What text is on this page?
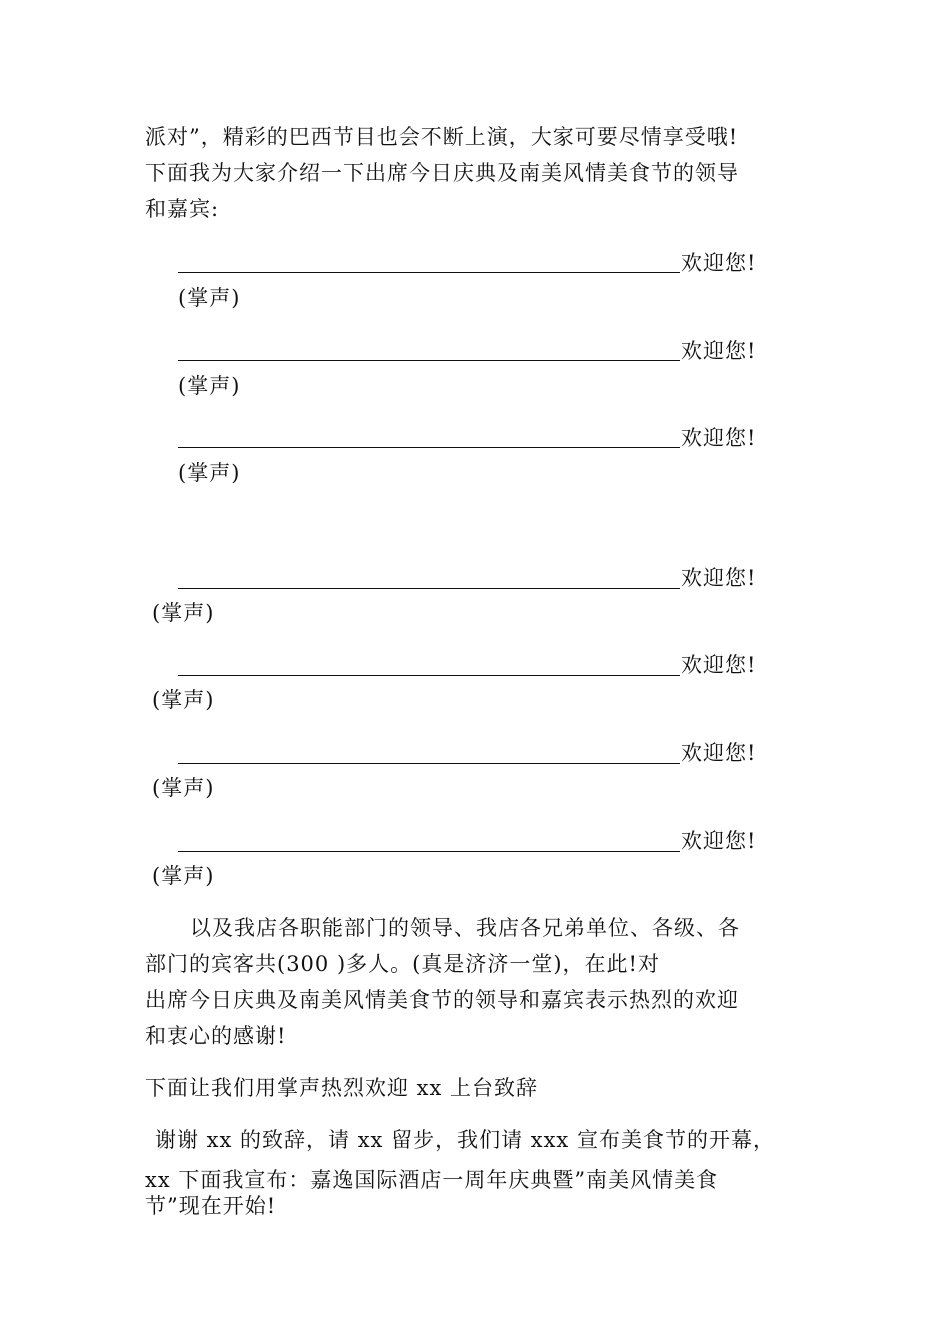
派对”，精彩的巴西节目也会不断上演，大家可要尽情享受哦!
下面我为大家介绍一下出席今日庆典及南美风情美食节的领导
和嘉宾:
欢迎您!
(掌声)
欢迎您!
(掌声)
欢迎您!
(掌声)
欢迎您!
(掌声)
欢迎您!
(掌声)
欢迎您!
(掌声)
欢迎您!
(掌声)
以及我店各职能部门的领导、我店各兄弟单位、各级、各
部门的宾客共(300 )多人。(真是济济一堂)，在此!对
出席今日庆典及南美风情美食节的领导和嘉宾表示热烈的欢迎
和衷心的感谢!
下面让我们用掌声热烈欢迎 xx 上台致辞
谢谢 xx 的致辞，请 xx 留步，我们请 xxx 宣布美食节的开幕，
xx 下面我宣布：嘉逸国际酒店一周年庆典暨”南美风情美食
节”现在开始!
